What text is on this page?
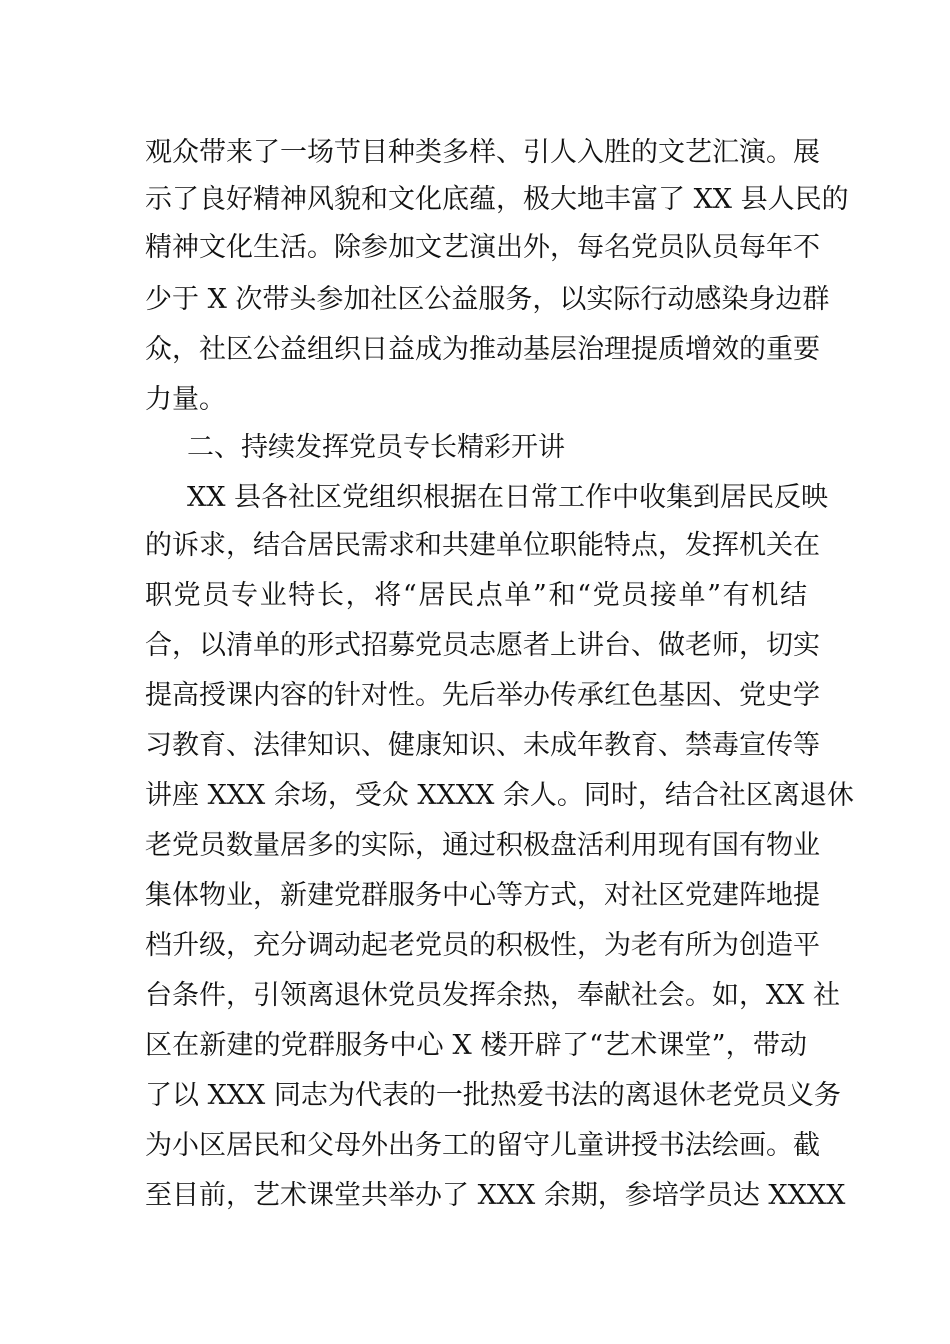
观众带来了一场节目种类多样、引人入胜的文艺汇演。展
示了良好精神风貌和文化底蕴，极大地丰富了 XX 县人民的
精神文化生活。除参加文艺演出外，每名党员队员每年不
少于 X 次带头参加社区公益服务，以实际行动感染身边群
众，社区公益组织日益成为推动基层治理提质增效的重要
力量。
二、持续发挥党员专长精彩开讲
XX 县各社区党组织根据在日常工作中收集到居民反映
的诉求，结合居民需求和共建单位职能特点，发挥机关在
职党员专业特长，将“居民点单”和“党员接单”有机结
合，以清单的形式招募党员志愿者上讲台、做老师，切实
提高授课内容的针对性。先后举办传承红色基因、党史学
习教育、法律知识、健康知识、未成年教育、禁毒宣传等
讲座 XXX 余场，受众 XXXX 余人。同时，结合社区离退休
老党员数量居多的实际，通过积极盘活利用现有国有物业
集体物业，新建党群服务中心等方式，对社区党建阵地提
档升级，充分调动起老党员的积极性，为老有所为创造平
台条件，引领离退休党员发挥余热，奉献社会。如，XX 社
区在新建的党群服务中心 X 楼开辟了“艺术课堂”，带动
了以 XXX 同志为代表的一批热爱书法的离退休老党员义务
为小区居民和父母外出务工的留守儿童讲授书法绘画。截
至目前，艺术课堂共举办了 XXX 余期，参培学员达 XXXX
